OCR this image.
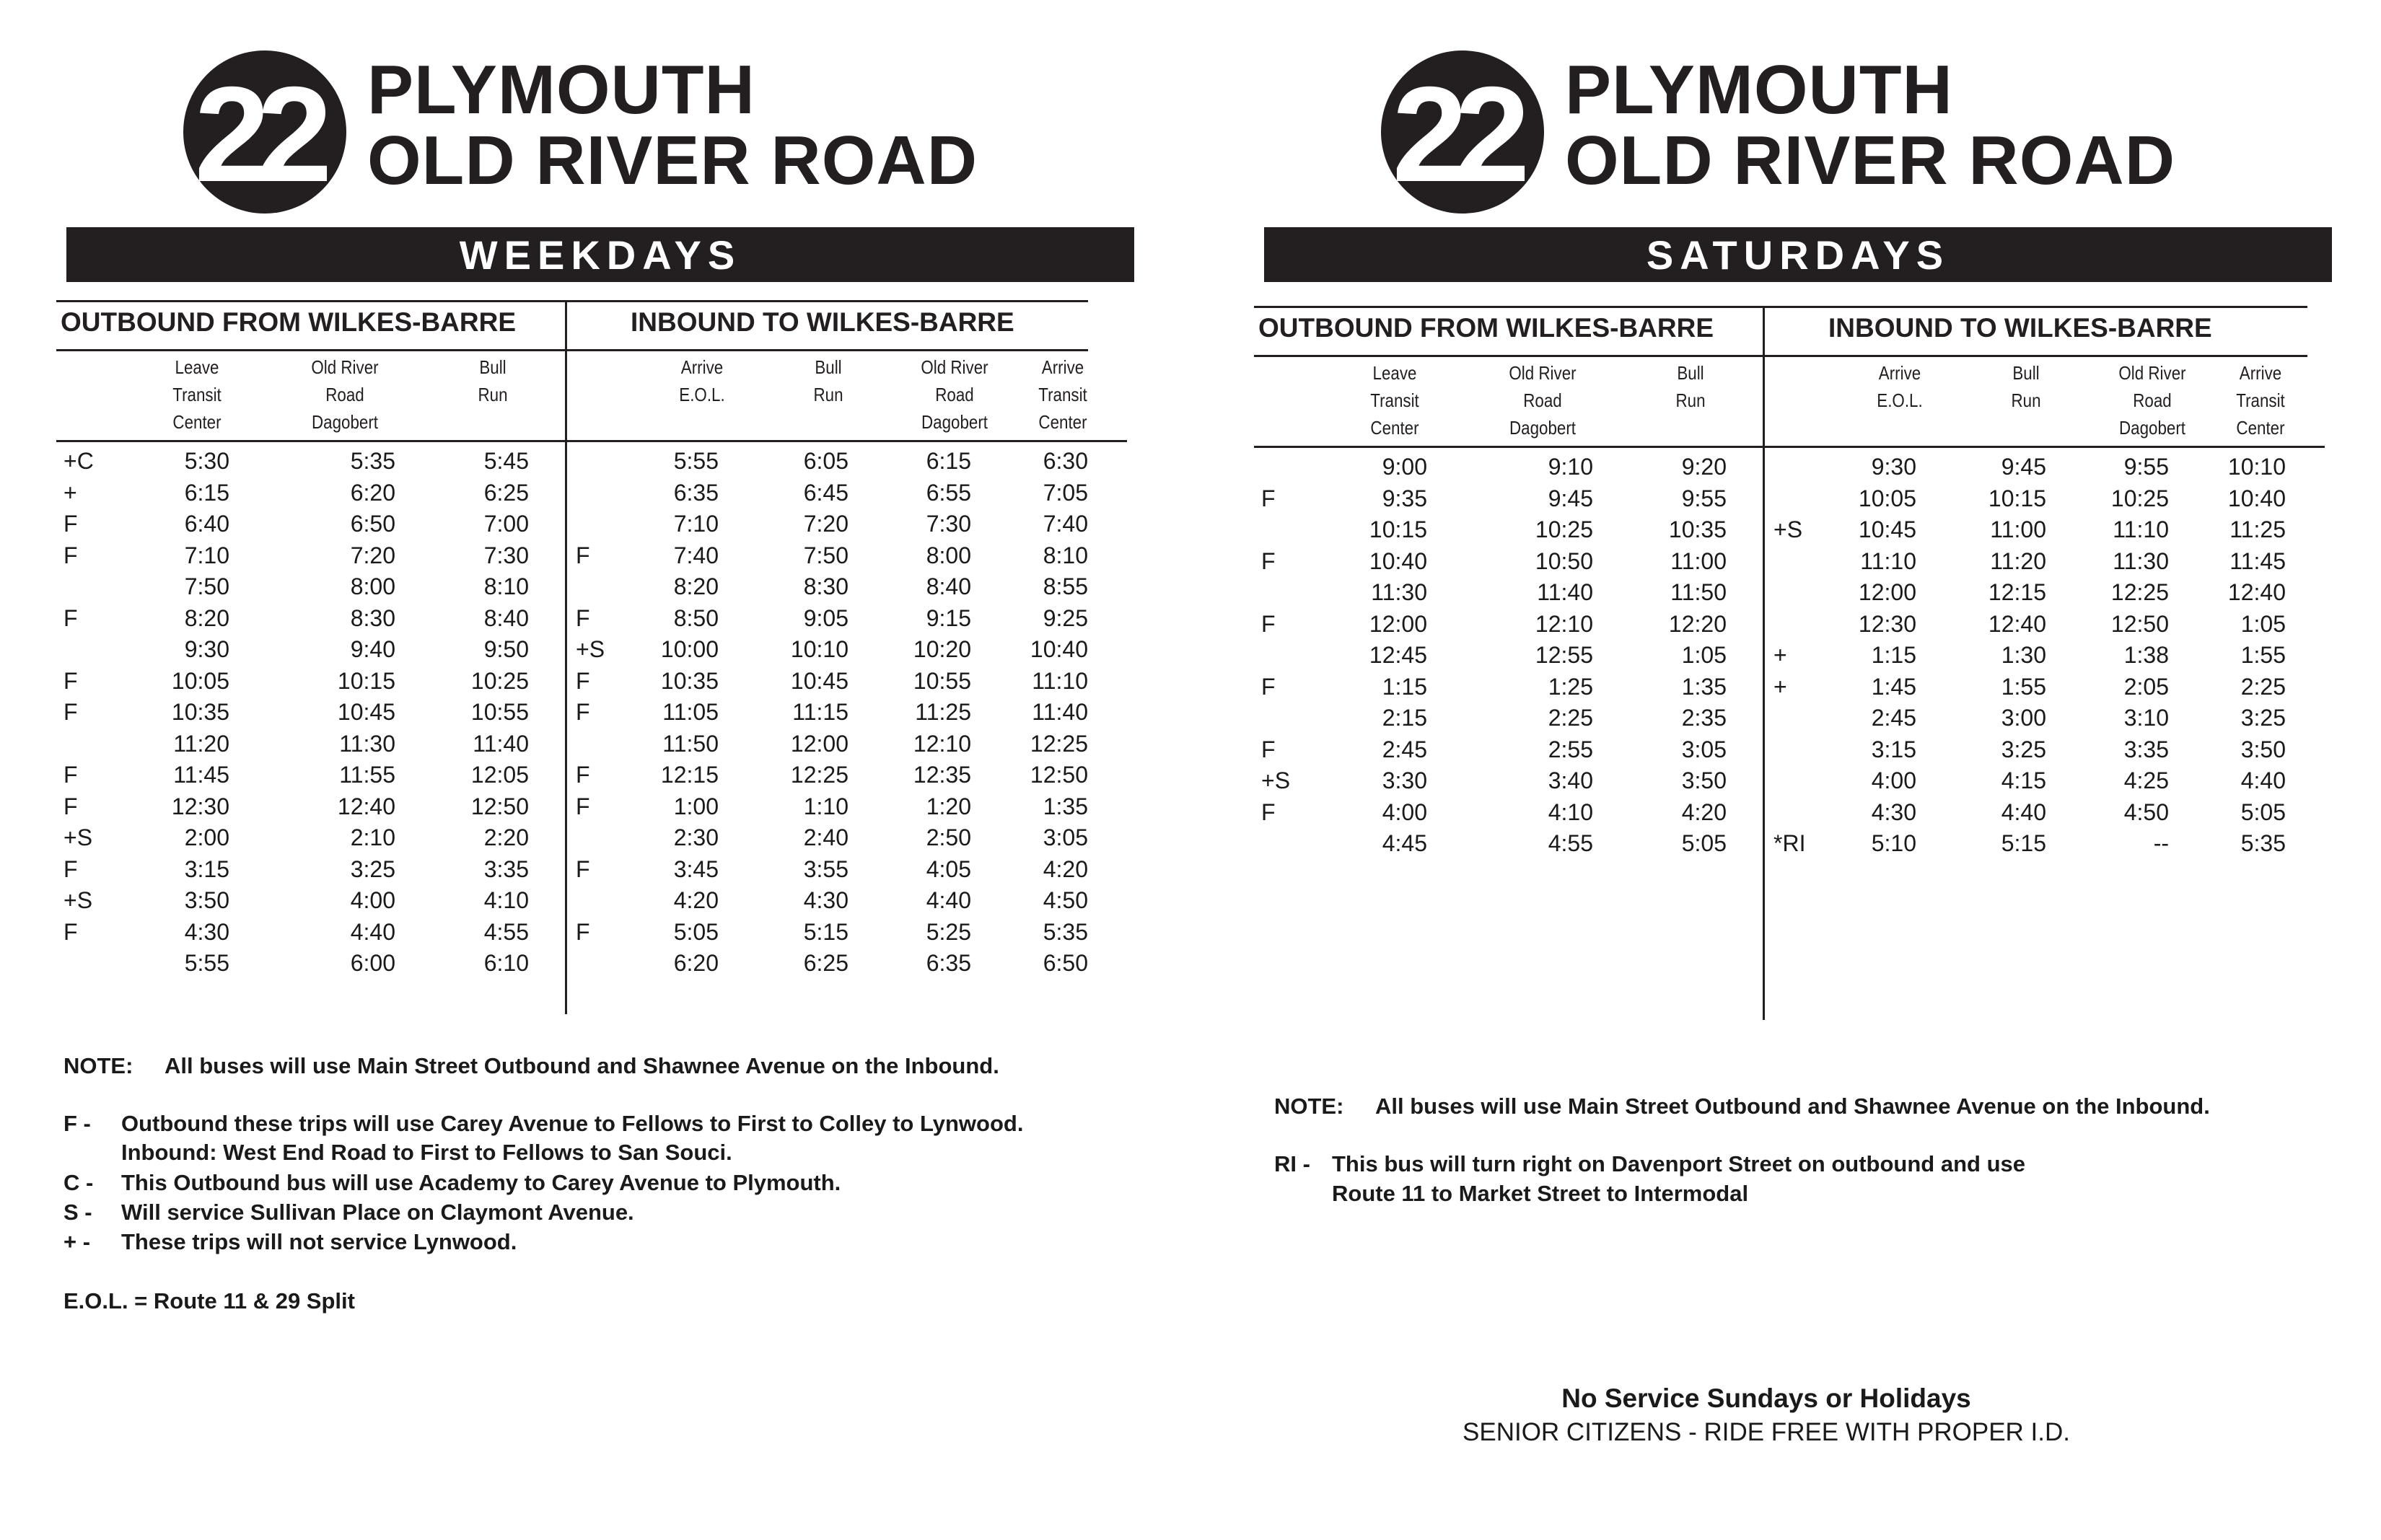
22 PLYMOUTH
OLD RIVER ROAD
WEEKDAYS
OUTBOUND FROM WILKES-BARRE	INBOUND TO WILKES-BARRE
Leave
Transit
Center
Old River
Road
Dagobert
Bull
Run
Arrive
E.O.L.
Bull
Run
Old River
Road
Dagobert
Arrive
Transit
Center
+C	5:30	5:35	5:45	5:55	6:05	6:15	6:30
+	6:15	6:20	6:25	6:35	6:45	6:55	7:05
F	6:40	6:50	7:00	7:10	7:20	7:30	7:40
F	7:10	7:20	7:30 F	7:40	7:50	8:00	8:10
7:50	8:00	8:10	8:20	8:30	8:40	8:55
F	8:20	8:30	8:40 F	8:50	9:05	9:15	9:25
9:30	9:40	9:50 +S 10:00	10:10	10:20	10:40
F	10:05	10:15	10:25 F	10:35	10:45	10:55	11:10
F	10:35	10:45	10:55 F	11:05	11:15	11:25	11:40
11:20	11:30	11:40	11:50	12:00	12:10	12:25
F	11:45	11:55	12:05 F	12:15	12:25	12:35	12:50
F	12:30	12:40	12:50 F	1:00	1:10	1:20	1:35
+S	2:00	2:10	2:20	2:30	2:40	2:50	3:05
F	3:15	3:25	3:35 F	3:45	3:55	4:05	4:20
+S	3:50	4:00	4:10	4:20	4:30	4:40	4:50
F	4:30	4:40	4:55 F	5:05	5:15	5:25	5:35
5:55	6:00	6:10	6:20	6:25	6:35	6:50
NOTE: All buses will use Main Street Outbound and Shawnee Avenue on the Inbound.
F - Outbound these trips will use Carey Avenue to Fellows to First to Colley to Lynwood.
Inbound: West End Road to First to Fellows to San Souci.
C - This Outbound bus will use Academy to Carey Avenue to Plymouth.
S - Will service Sullivan Place on Claymont Avenue.
+ - These trips will not service Lynwood.
E.O.L. = Route 11 & 29 Split
22 PLYMOUTH
OLD RIVER ROAD
SATURDAYS
OUTBOUND FROM WILKES-BARRE	INBOUND TO WILKES-BARRE
Leave
Transit
Center
Old River
Road
Dagobert
Bull
Run
Arrive
E.O.L.
Bull
Run
Old River
Road
Dagobert
Arrive
Transit
Center
9:00	9:10	9:20	9:30	9:45	9:55	10:10
F	9:35	9:45	9:55	10:05	10:15	10:25	10:40
10:15	10:25	10:35 +S 10:45	11:00	11:10	11:25
F	10:40	10:50	11:00	11:10	11:20	11:30	11:45
11:30	11:40	11:50	12:00	12:15	12:25	12:40
F	12:00	12:10	12:20	12:30	12:40	12:50	1:05
12:45	12:55	1:05 +	1:15	1:30	1:38	1:55
F	1:15	1:25	1:35 +	1:45	1:55	2:05	2:25
2:15	2:25	2:35	2:45	3:00	3:10	3:25
F	2:45	2:55	3:05	3:15	3:25	3:35	3:50
+S	3:30	3:40	3:50	4:00	4:15	4:25	4:40
F	4:00	4:10	4:20	4:30	4:40	4:50	5:05
4:45	4:55	5:05 *RI	5:10	5:15	--	5:35
NOTE: All buses will use Main Street Outbound and Shawnee Avenue on the Inbound.
RI - This bus will turn right on Davenport Street on outbound and use
Route 11 to Market Street to Intermodal
No Service Sundays or Holidays
SENIOR CITIZENS - RIDE FREE WITH PROPER I.D.
